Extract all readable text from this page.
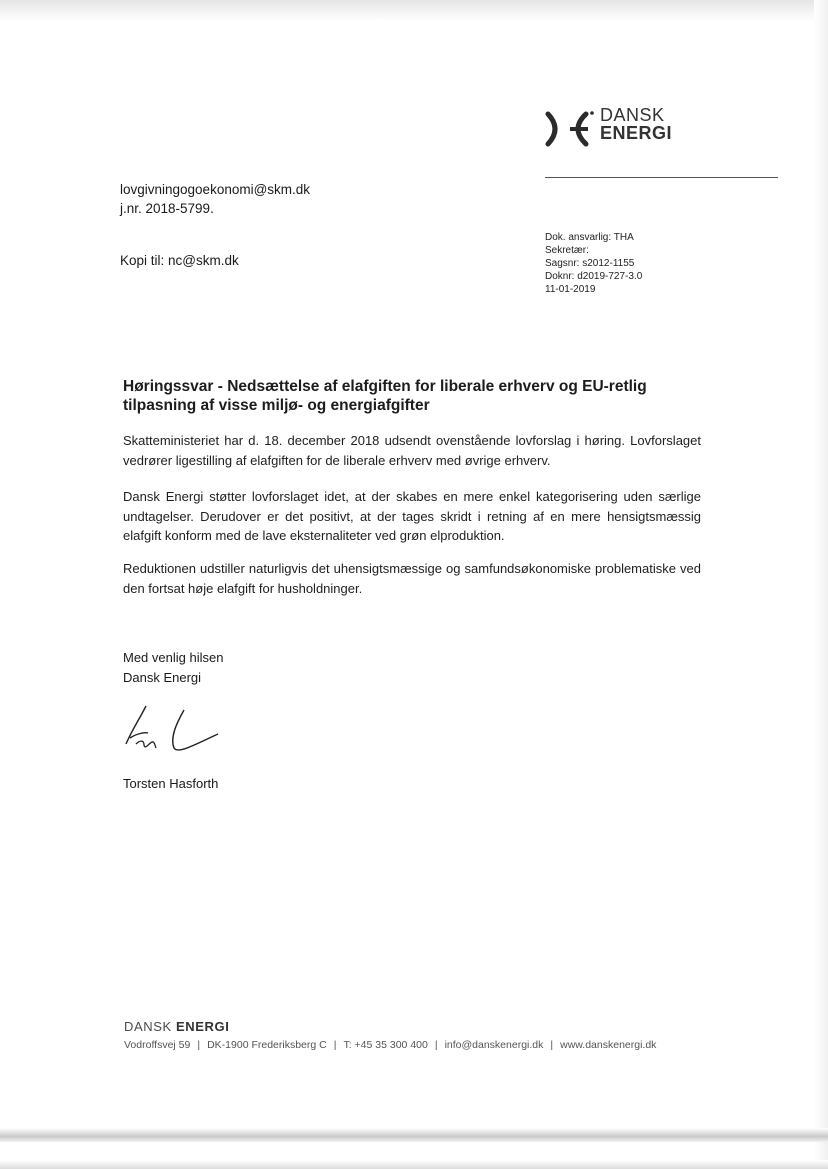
DANSK
ENERGI
lovgivningogoekonomi@skm.dk
j.nr. 2018-5799.
Kopi til: nc@skm.dk
Dok. ansvarlig: THA
Sekretær:
Sagsnr: s2012-1155
Doknr: d2019-727-3.0
11-01-2019
Høringssvar - Nedsættelse af elafgiften for liberale erhverv og EU-retlig tilpasning af visse miljø- og energiafgifter
Skatteministeriet har d. 18. december 2018 udsendt ovenstående lovforslag i høring. Lovforslaget vedrører ligestilling af elafgiften for de liberale erhverv med øvrige erhverv.
Dansk Energi støtter lovforslaget idet, at der skabes en mere enkel kategorisering uden særlige undtagelser. Derudover er det positivt, at der tages skridt i retning af en mere hensigtsmæssig elafgift konform med de lave eksternaliteter ved grøn elproduktion.
Reduktionen udstiller naturligvis det uhensigtsmæssige og samfundsøkonomiske problematiske ved den fortsat høje elafgift for husholdninger.
Med venlig hilsen
Dansk Energi
Torsten Hasforth
DANSK ENERGI
Vodroffsvej 59 | DK-1900 Frederiksberg C | T: +45 35 300 400 | info@danskenergi.dk | www.danskenergi.dk
